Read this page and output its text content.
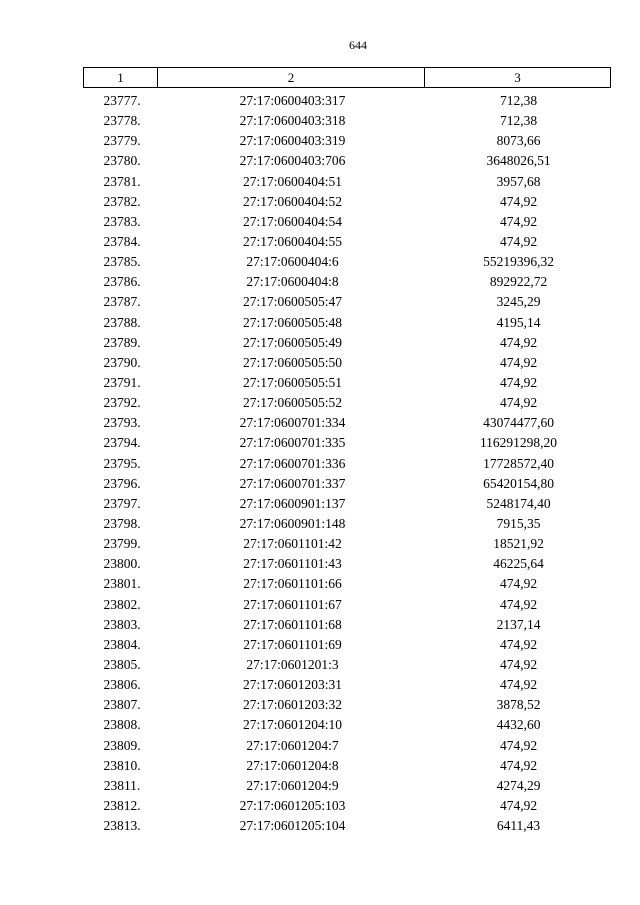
644
1	2	3
23777.	27:17:0600403:317	712,38
23778.	27:17:0600403:318	712,38
23779.	27:17:0600403:319	8073,66
23780.	27:17:0600403:706	3648026,51
23781.	27:17:0600404:51	3957,68
23782.	27:17:0600404:52	474,92
23783.	27:17:0600404:54	474,92
23784.	27:17:0600404:55	474,92
23785.	27:17:0600404:6	55219396,32
23786.	27:17:0600404:8	892922,72
23787.	27:17:0600505:47	3245,29
23788.	27:17:0600505:48	4195,14
23789.	27:17:0600505:49	474,92
23790.	27:17:0600505:50	474,92
23791.	27:17:0600505:51	474,92
23792.	27:17:0600505:52	474,92
23793.	27:17:0600701:334	43074477,60
23794.	27:17:0600701:335	116291298,20
23795.	27:17:0600701:336	17728572,40
23796.	27:17:0600701:337	65420154,80
23797.	27:17:0600901:137	5248174,40
23798.	27:17:0600901:148	7915,35
23799.	27:17:0601101:42	18521,92
23800.	27:17:0601101:43	46225,64
23801.	27:17:0601101:66	474,92
23802.	27:17:0601101:67	474,92
23803.	27:17:0601101:68	2137,14
23804.	27:17:0601101:69	474,92
23805.	27:17:0601201:3	474,92
23806.	27:17:0601203:31	474,92
23807.	27:17:0601203:32	3878,52
23808.	27:17:0601204:10	4432,60
23809.	27:17:0601204:7	474,92
23810.	27:17:0601204:8	474,92
23811.	27:17:0601204:9	4274,29
23812.	27:17:0601205:103	474,92
23813.	27:17:0601205:104	6411,43
